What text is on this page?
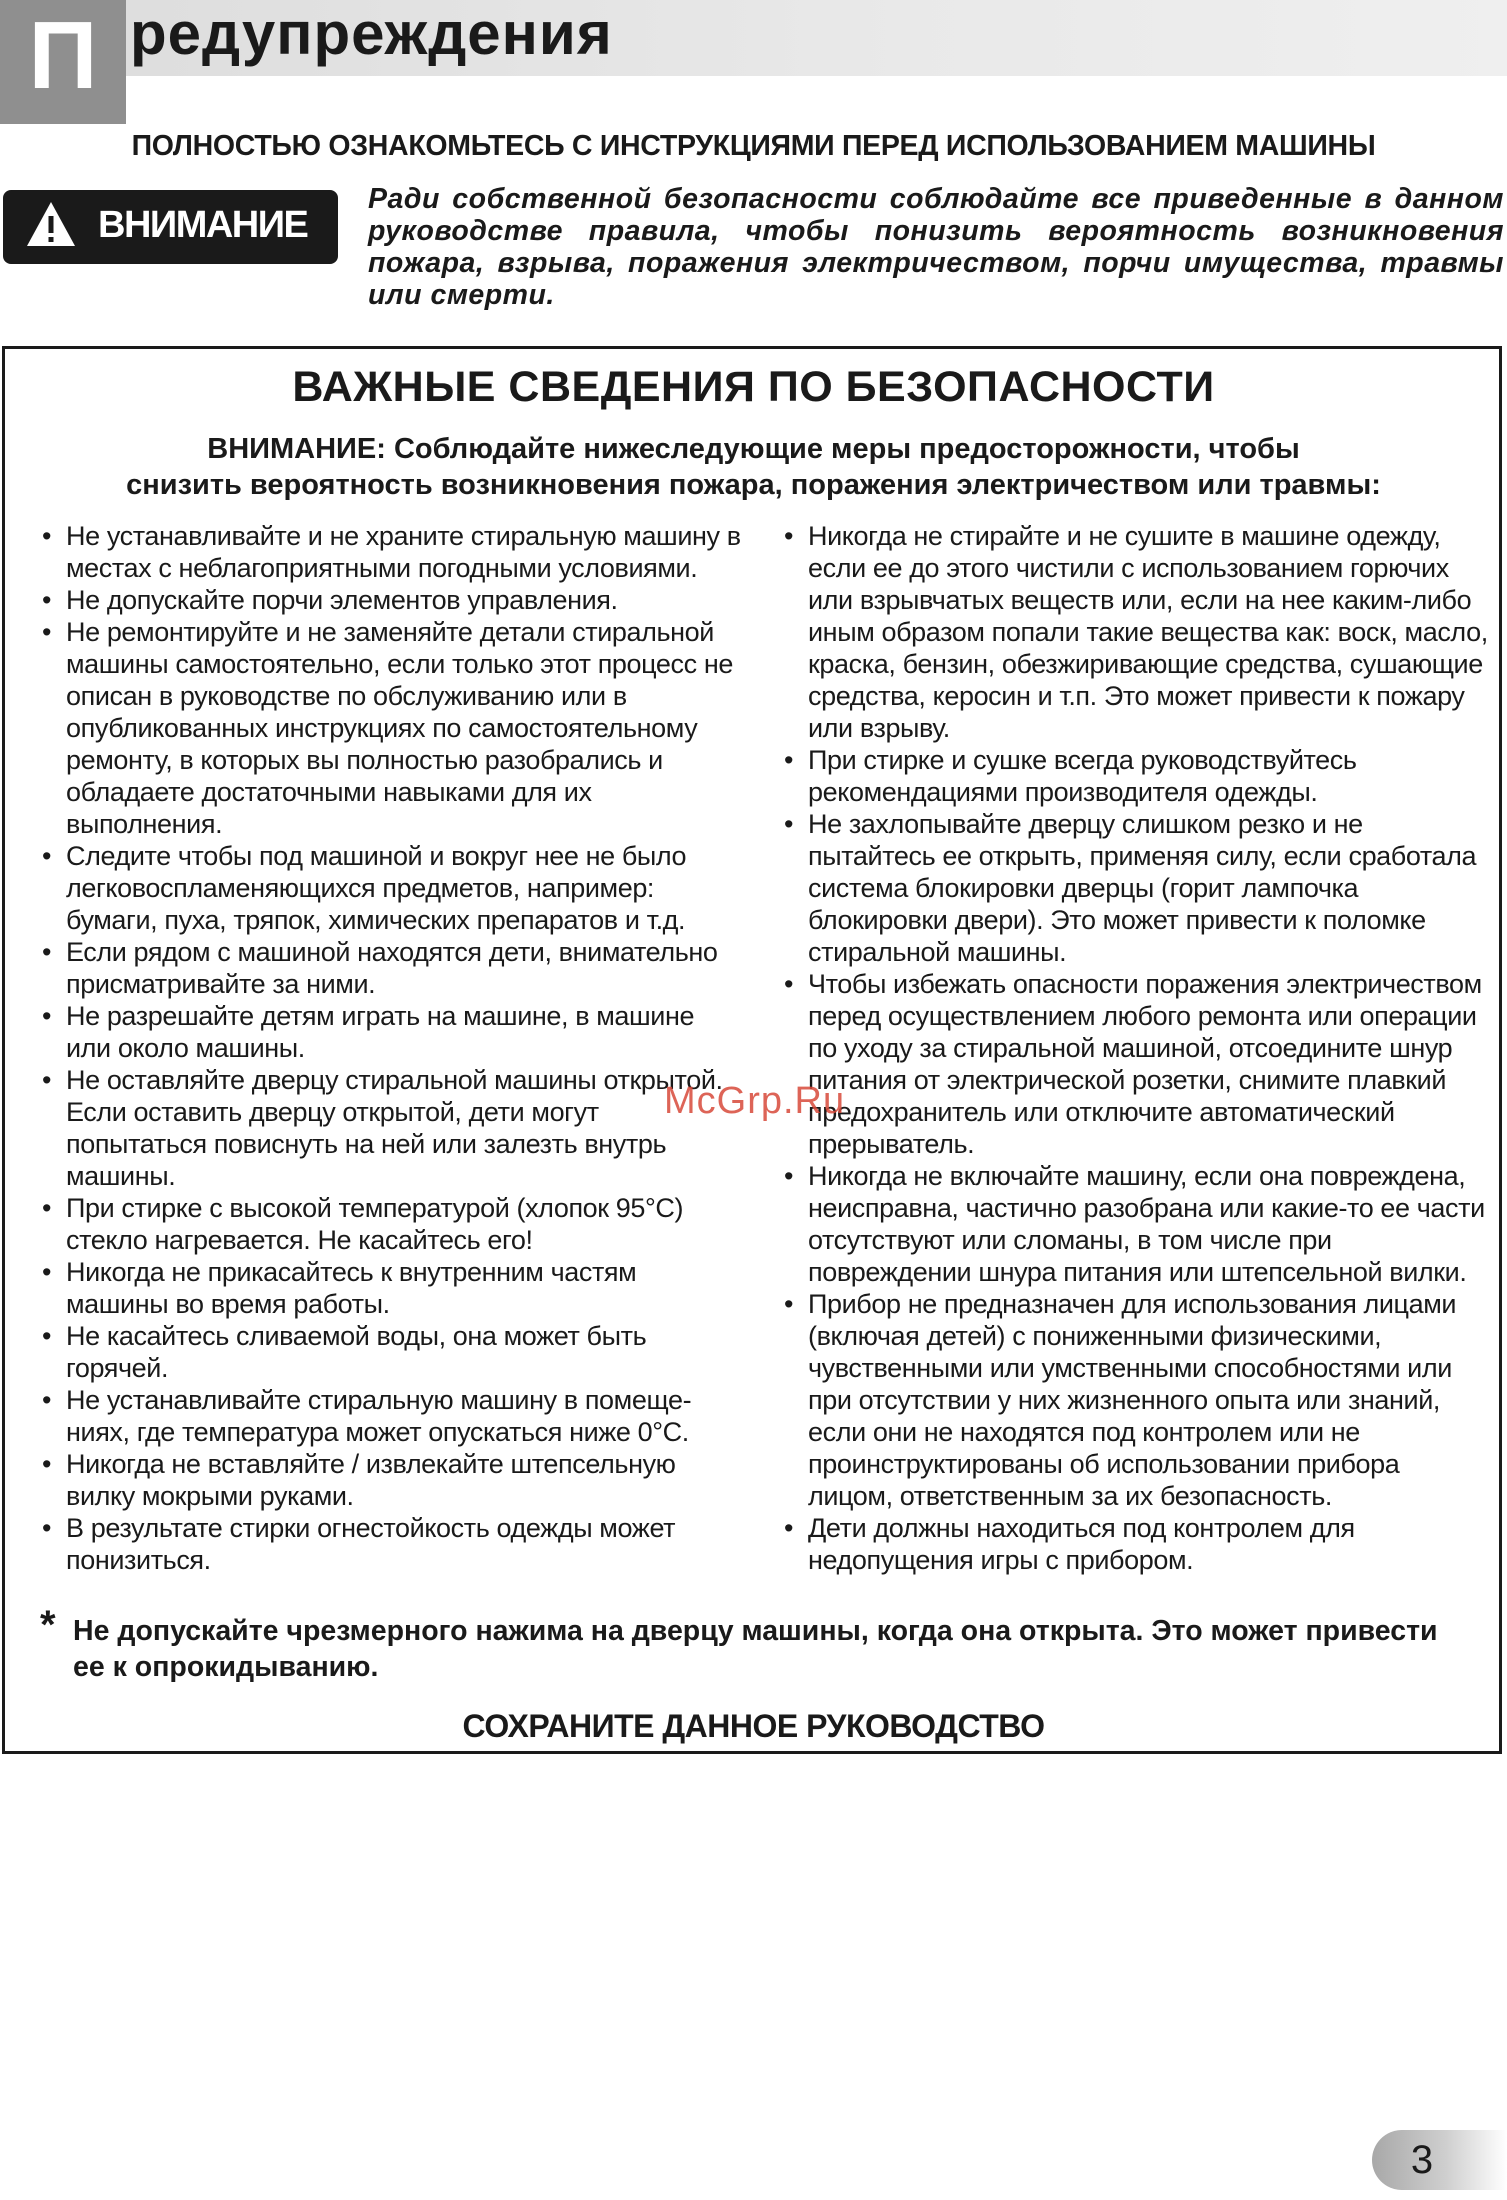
П редупреждения
ПОЛНОСТЬЮ ОЗНАКОМЬТЕСЬ С ИНСТРУКЦИЯМИ ПЕРЕД ИСПОЛЬЗОВАНИЕМ МАШИНЫ
ВНИМАНИЕ
Ради собственной безопасности соблюдайте все приведенные в данном руководстве правила, чтобы понизить вероятность возникновения пожара, взрыва, поражения электричеством, порчи имущества, травмы или смерти.
ВАЖНЫЕ СВЕДЕНИЯ ПО БЕЗОПАСНОСТИ
ВНИМАНИЕ: Соблюдайте нижеследующие меры предосторожности, чтобы
снизить вероятность возникновения пожара, поражения электричеством или травмы:
• Не устанавливайте и не храните стиральную машину в местах с неблагоприятными погодными условиями.
• Не допускайте порчи элементов управления.
• Не ремонтируйте и не заменяйте детали стиральной машины самостоятельно, если только этот процесс не описан в руководстве по обслуживанию или в опубликованных инструкциях по самостоятельному ремонту, в которых вы полностью разобрались и обладаете достаточными навыками для их выполнения.
• Следите чтобы под машиной и вокруг нее не было легковоспламеняющихся предметов, например: бумаги, пуха, тряпок, химических препаратов и т.д.
• Если рядом с машиной находятся дети, внимательно присматривайте за ними.
• Не разрешайте детям играть на машине, в машине или около машины.
• Не оставляйте дверцу стиральной машины открытой. Если оставить дверцу открытой, дети могут попытаться повиснуть на ней или залезть внутрь машины.
• При стирке с высокой температурой (хлопок 95°С) стекло нагревается. Не касайтесь его!
• Никогда не прикасайтесь к внутренним частям машины во время работы.
• Не касайтесь сливаемой воды, она может быть горячей.
• Не устанавливайте стиральную машину в помеще-ниях, где температура может опускаться ниже 0°С.
• Никогда не вставляйте / извлекайте штепсельную вилку мокрыми руками.
• В результате стирки огнестойкость одежды может понизиться.
• Никогда не стирайте и не сушите в машине одежду, если ее до этого чистили с использованием горючих или взрывчатых веществ или, если на нее каким-либо иным образом попали такие вещества как: воск, масло, краска, бензин, обезжиривающие средства, сушающие средства, керосин и т.п. Это может привести к пожару или взрыву.
• При стирке и сушке всегда руководствуйтесь рекомендациями производителя одежды.
• Не захлопывайте дверцу слишком резко и не пытайтесь ее открыть, применяя силу, если сработала система блокировки дверцы (горит лампочка блокировки двери). Это может привести к поломке стиральной машины.
• Чтобы избежать опасности поражения электричеством перед осуществлением любого ремонта или операции по уходу за стиральной машиной, отсоедините шнур питания от электрической розетки, снимите плавкий предохранитель или отключите автоматический прерыватель.
• Никогда не включайте машину, если она повреждена, неисправна, частично разобрана или какие-то ее части отсутствуют или сломаны, в том числе при повреждении шнура питания или штепсельной вилки.
• Прибор не предназначен для использования лицами (включая детей) с пониженными физическими, чувственными или умственными способностями или при отсутствии у них жизненного опыта или знаний, если они не находятся под контролем или не проинструктированы об использовании прибора лицом, ответственным за их безопасность.
• Дети должны находиться под контролем для недопущения игры с прибором.
McGrp.Ru
* Не допускайте чрезмерного нажима на дверцу машины, когда она открыта. Это может привести ее к опрокидыванию.
СОХРАНИТЕ ДАННОЕ РУКОВОДСТВО
3
